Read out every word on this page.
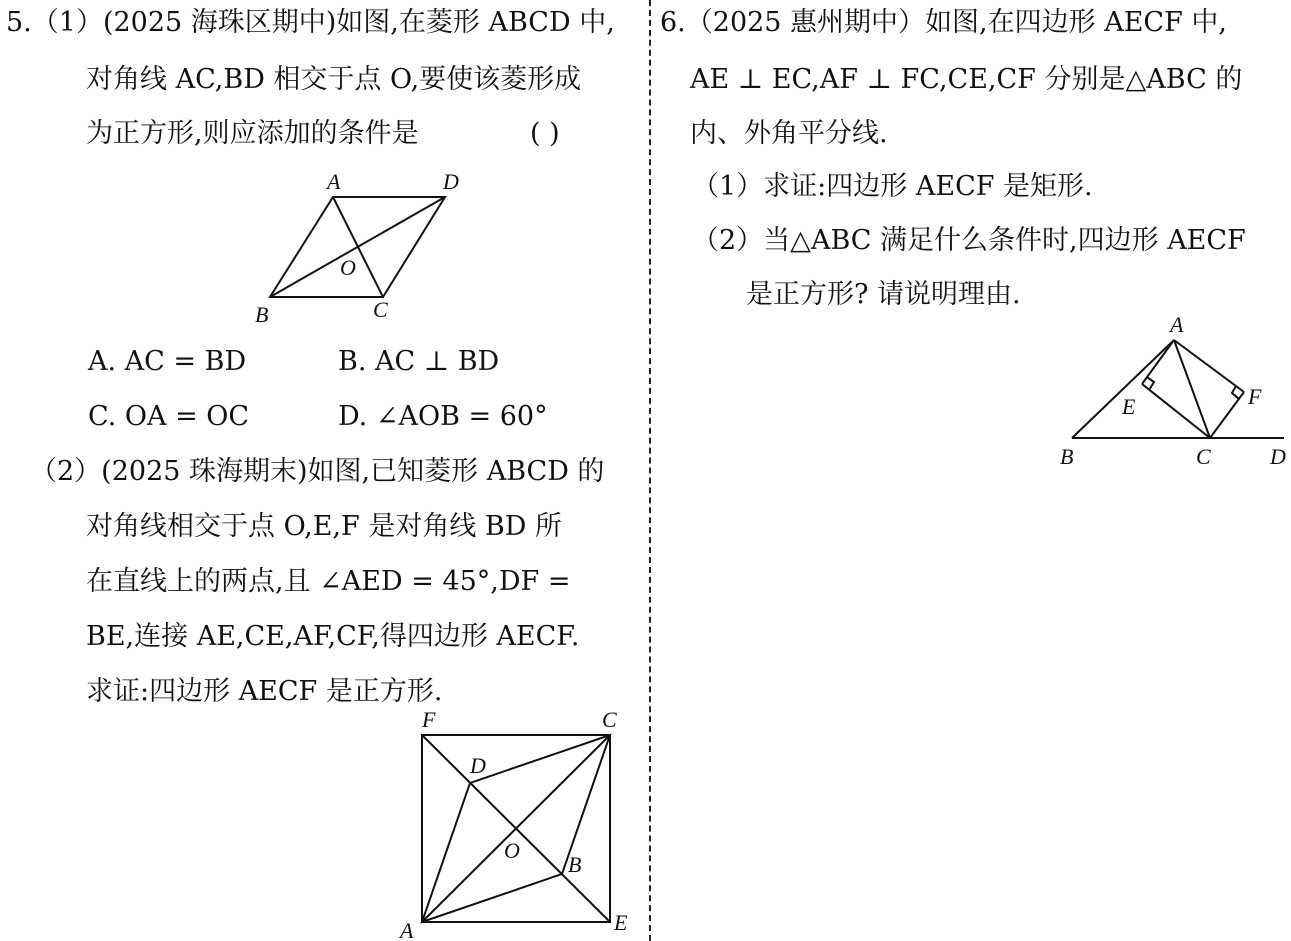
5.（1）(2025 海珠区期中)如图,在菱形 ABCD 中,
对角线 AC,BD 相交于点 O,要使该菱形成
为正方形,则应添加的条件是	( )
A	D
O
B	C
A. AC = BD	B. AC ⊥ BD
C. OA = OC	D. ∠AOB = 60°
（2）(2025 珠海期末)如图,已知菱形 ABCD 的
对角线相交于点 O,E,F 是对角线 BD 所
在直线上的两点,且 ∠AED = 45°,DF =
BE,连接 AE,CE,AF,CF,得四边形 AECF.
求证:四边形 AECF 是正方形.
F	C
D
O
B
A	E
6.（2025 惠州期中）如图,在四边形 AECF 中,
AE ⊥ EC,AF ⊥ FC,CE,CF 分别是△ABC 的
内、外角平分线.
（1）求证:四边形 AECF 是矩形.
（2）当△ABC 满足什么条件时,四边形 AECF
是正方形? 请说明理由.
A
E	F
B	C	D
